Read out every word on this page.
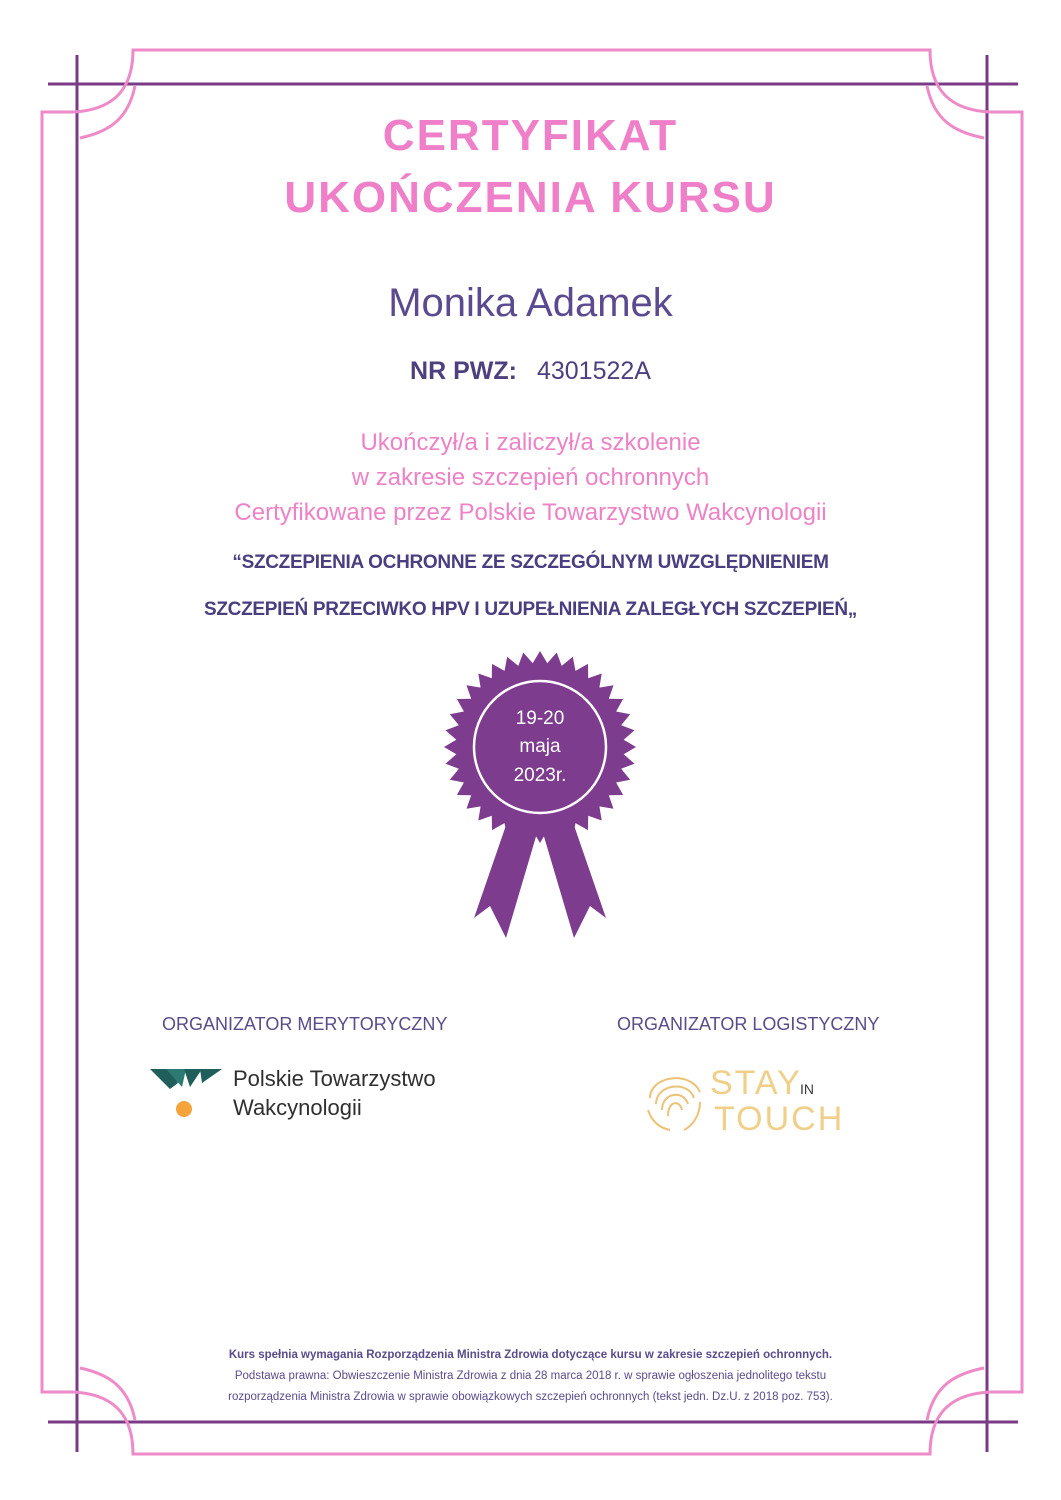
CERTYFIKAT
UKOŃCZENIA KURSU
Monika Adamek
NR PWZ: 4301522A
Ukończył/a i zaliczył/a szkolenie
w zakresie szczepień ochronnych
Certyfikowane przez Polskie Towarzystwo Wakcynologii
“SZCZEPIENIA OCHRONNE ZE SZCZEGÓLNYM UWZGLĘDNIENIEM
SZCZEPIEŃ PRZECIWKO HPV I UZUPEŁNIENIA ZALEGŁYCH SZCZEPIEŃ„
19-20
maja
2023r.
ORGANIZATOR MERYTORYCZNY	ORGANIZATOR LOGISTYCZNY
Polskie Towarzystwo
Wakcynologii
STAY
IN
TOUCH
Kurs spełnia wymagania Rozporządzenia Ministra Zdrowia dotyczące kursu w zakresie szczepień ochronnych.
Podstawa prawna: Obwieszczenie Ministra Zdrowia z dnia 28 marca 2018 r. w sprawie ogłoszenia jednolitego tekstu
rozporządzenia Ministra Zdrowia w sprawie obowiązkowych szczepień ochronnych (tekst jedn. Dz.U. z 2018 poz. 753).
